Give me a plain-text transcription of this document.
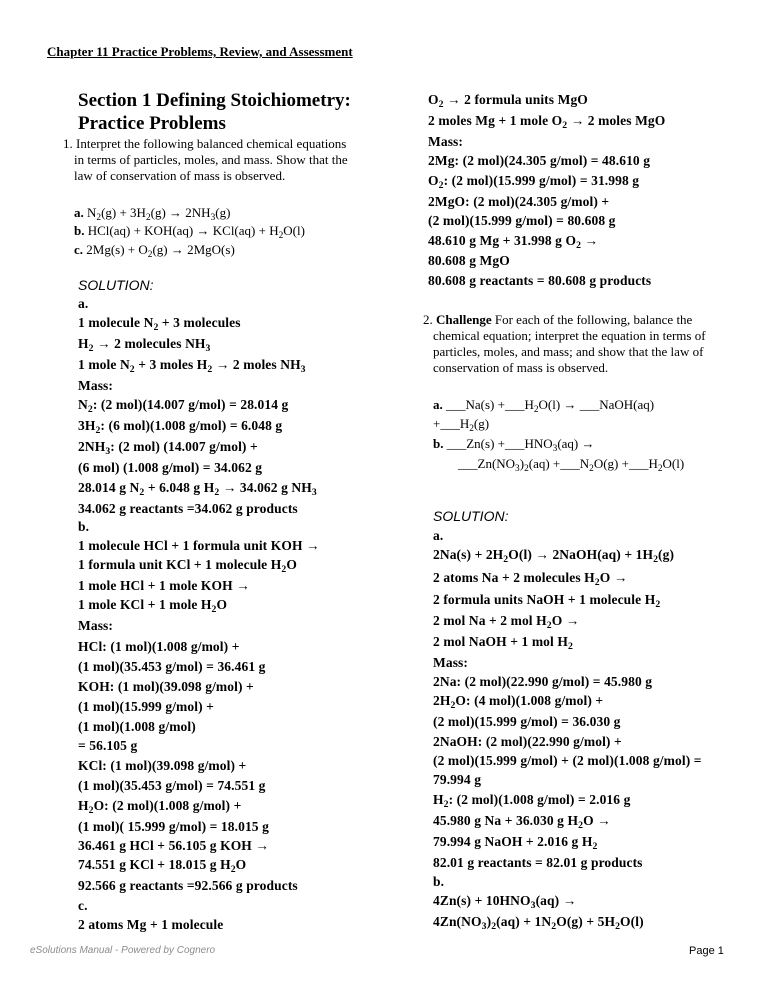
Chapter 11 Practice Problems, Review, and Assessment
Section 1 Defining Stoichiometry:
Practice Problems
1. Interpret the following balanced chemical equations
in terms of particles, moles, and mass. Show that the
law of conservation of mass is observed.
a. $N_2(g) + 3H_2(g) \to 2NH_3(g)$
b. $HCl(aq) + KOH(aq) \to KCl(aq) + H_2O(l)$
c. $2Mg(s) + O_2(g) \to 2MgO(s)$
SOLUTION:
a.
1 molecule $N_2 + 3$ molecules
$H_2 \to 2$ molecules $NH_3$
1 mole $N_2 + 3$ moles $H_2 \to 2$ moles $NH_3$
Mass:
$N_2$: (2 mol)(14.007 g/mol) = 28.014 g
$3H_2$: (6 mol)(1.008 g/mol) = 6.048 g
$2NH_3$: (2 mol) (14.007 g/mol) +
(6 mol) (1.008 g/mol) = 34.062 g
28.014 g $N_2 + 6.048$ g $H_2 \to 34.062$ g $NH_3$
34.062 g reactants =34.062 g products
b.
1 molecule HCl + 1 formula unit KOH →
1 formula unit KCl + 1 molecule $H_2O$
1 mole HCl + 1 mole KOH →
1 mole KCl + 1 mole $H_2O$
Mass:
HCl: (1 mol)(1.008 g/mol) +
(1 mol)(35.453 g/mol) = 36.461 g
KOH: (1 mol)(39.098 g/mol) +
(1 mol)(15.999 g/mol) +
(1 mol)(1.008 g/mol)
= 56.105 g
KCl: (1 mol)(39.098 g/mol) +
(1 mol)(35.453 g/mol) = 74.551 g
$H_2O$: (2 mol)(1.008 g/mol) +
(1 mol)( 15.999 g/mol) = 18.015 g
36.461 g HCl + 56.105 g KOH →
74.551 g KCl + 18.015 g $H_2O$
92.566 g reactants =92.566 g products
c.
2 atoms Mg + 1 molecule
$O_2 \to 2$ formula units MgO
2 moles Mg + 1 mole $O_2 \to 2$ moles MgO
Mass:
2Mg: (2 mol)(24.305 g/mol) = 48.610 g
$O_2$: (2 mol)(15.999 g/mol) = 31.998 g
2MgO: (2 mol)(24.305 g/mol) +
(2 mol)(15.999 g/mol) = 80.608 g
48.610 g Mg + 31.998 g $O_2$ →
80.608 g MgO
80.608 g reactants = 80.608 g products
2. Challenge For each of the following, balance the
chemical equation; interpret the equation in terms of
particles, moles, and mass; and show that the law of
conservation of mass is observed.
a. ___Na(s) $+\_\_\_H_2O(l)$ → ___NaOH(aq)
$+\_\_\_H_2(g)$
b. ___Zn(s) $+\_\_\_HNO_3(aq)$ →
$\_\_\_Zn(NO_3)_2(aq)$ $+\_\_\_N_2O(g)$ $+\_\_\_H_2O(l)$
SOLUTION:
a.
$2Na(s) + 2H_2O(l)$ → 2NaOH(aq) + $1H_2(g)$
2 atoms Na + 2 molecules $H_2O$ →
2 formula units NaOH + 1 molecule $H_2$
2 mol Na + 2 mol $H_2O$ →
2 mol NaOH + 1 mol $H_2$
Mass:
2Na: (2 mol)(22.990 g/mol) = 45.980 g
$2H_2O$: (4 mol)(1.008 g/mol) +
(2 mol)(15.999 g/mol) = 36.030 g
2NaOH: (2 mol)(22.990 g/mol) +
(2 mol)(15.999 g/mol) + (2 mol)(1.008 g/mol) =
79.994 g
$H_2$: (2 mol)(1.008 g/mol) = 2.016 g
45.980 g Na + 36.030 g $H_2O$ →
79.994 g NaOH + 2.016 g $H_2$
82.01 g reactants = 82.01 g products
b.
$4Zn(s) + 10HNO_3(aq)$ →
$4Zn(NO_3)_2(aq) + 1N_2O(g) + 5H_2O(l)$
eSolutions Manual - Powered by Cognero	Page 1
